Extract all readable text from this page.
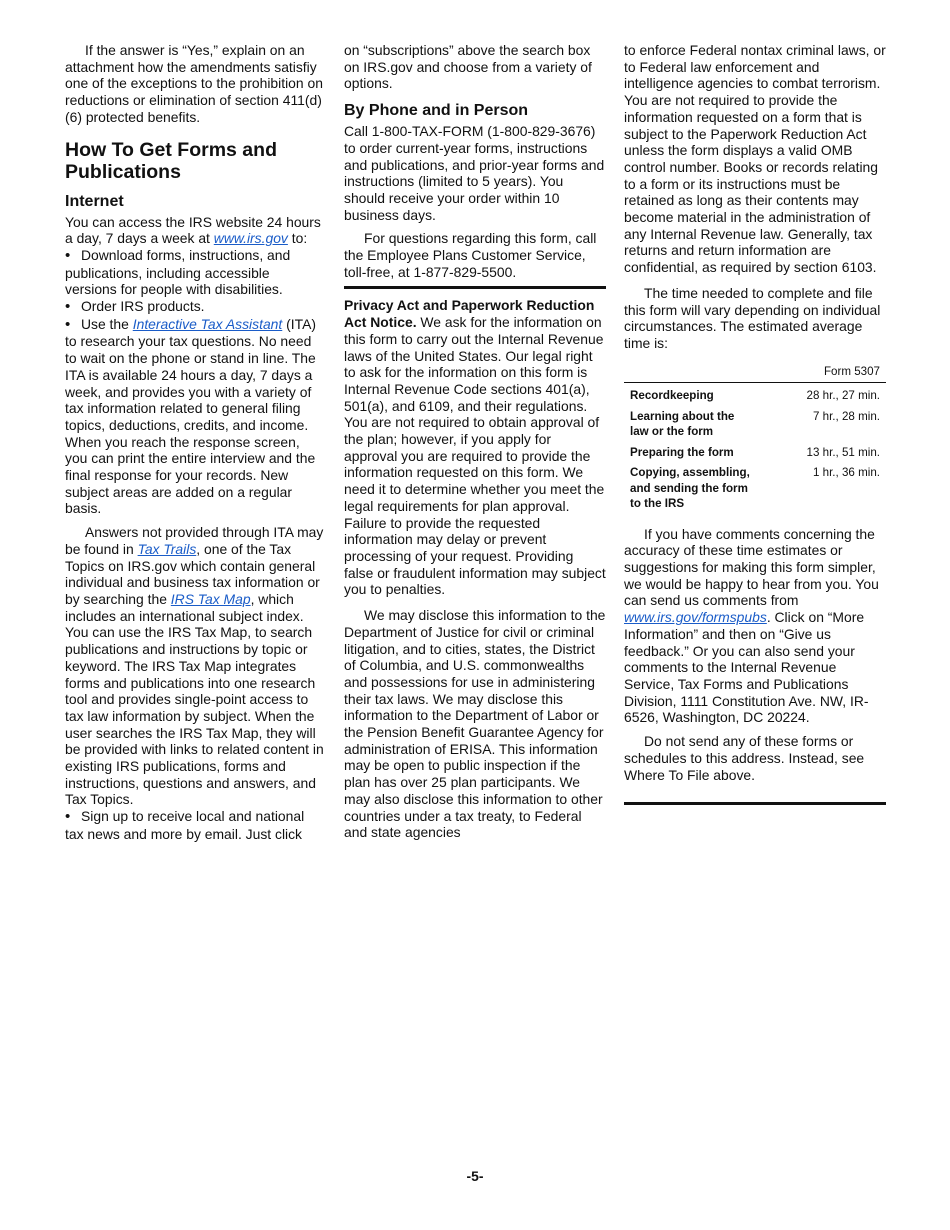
If the answer is “Yes,” explain on an attachment how the amendments satisfiy one of the exceptions to the prohibition on reductions or elimination of section 411(d)(6) protected benefits.

How To Get Forms and Publications
Internet

You can access the IRS website 24 hours a day, 7 days a week at www.irs.gov to:

• Download forms, instructions, and publications, including accessible versions for people with disabilities.

• Order IRS products.

• Use the Interactive Tax Assistant (ITA) to research your tax questions. No need to wait on the phone or stand in line. The ITA is available 24 hours a day, 7 days a week, and provides you with a variety of tax information related to general filing topics, deductions, credits, and income. When you reach the response screen, you can print the entire interview and the final response for your records. New subject areas are added on a regular basis.

Answers not provided through ITA may be found in Tax Trails, one of the Tax Topics on IRS.gov which contain general individual and business tax information or by searching the IRS Tax Map, which includes an international subject index. You can use the IRS Tax Map, to search publications and instructions by topic or keyword. The IRS Tax Map integrates forms and publications into one research tool and provides single-point access to tax law information by subject. When the user searches the IRS Tax Map, they will be provided with links to related content in existing IRS publications, forms and instructions, questions and answers, and Tax Topics.

• Sign up to receive local and national tax news and more by email. Just click

on “subscriptions” above the search box on IRS.gov and choose from a variety of options.

By Phone and in Person

Call 1-800-TAX-FORM (1-800-829-3676) to order current-year forms, instructions and publications, and prior-year forms and instructions (limited to 5 years). You should receive your order within 10 business days.

For questions regarding this form, call the Employee Plans Customer Service, toll-free, at 1-877-829-5500.

Privacy Act and Paperwork Reduction Act Notice. We ask for the information on this form to carry out the Internal Revenue laws of the United States. Our legal right to ask for the information on this form is Internal Revenue Code sections 401(a), 501(a), and 6109, and their regulations. You are not required to obtain approval of the plan; however, if you apply for approval you are required to provide the information requested on this form. We need it to determine whether you meet the legal requirements for plan approval. Failure to provide the requested information may delay or prevent processing of your request. Providing false or fraudulent information may subject you to penalties.

We may disclose this information to the Department of Justice for civil or criminal litigation, and to cities, states, the District of Columbia, and U.S. commonwealths and possessions for use in administering their tax laws. We may disclose this information to the Department of Labor or the Pension Benefit Guarantee Agency for administration of ERISA. This information may be open to public inspection if the plan has over 25 plan participants. We may also disclose this information to other countries under a tax treaty, to Federal and state agencies

to enforce Federal nontax criminal laws, or to Federal law enforcement and intelligence agencies to combat terrorism. You are not required to provide the information requested on a form that is subject to the Paperwork Reduction Act unless the form displays a valid OMB control number. Books or records relating to a form or its instructions must be retained as long as their contents may become material in the administration of any Internal Revenue law. Generally, tax returns and return information are confidential, as required by section 6103.

The time needed to complete and file this form will vary depending on individual circumstances. The estimated average time is:

Form 5307	
Recordkeeping	28 hr., 27 min.
Learning about the law or the form	7 hr., 28 min.
Preparing the form	13 hr., 51 min.
Copying, assembling, and sending the form to the IRS	1 hr., 36 min.

If you have comments concerning the accuracy of these time estimates or suggestions for making this form simpler, we would be happy to hear from you. You can send us comments from www.irs.gov/formspubs. Click on “More Information” and then on “Give us feedback.” Or you can also send your comments to the Internal Revenue Service, Tax Forms and Publications Division, 1111 Constitution Ave. NW, IR-6526, Washington, DC 20224.

Do not send any of these forms or schedules to this address. Instead, see Where To File above.

-5-
